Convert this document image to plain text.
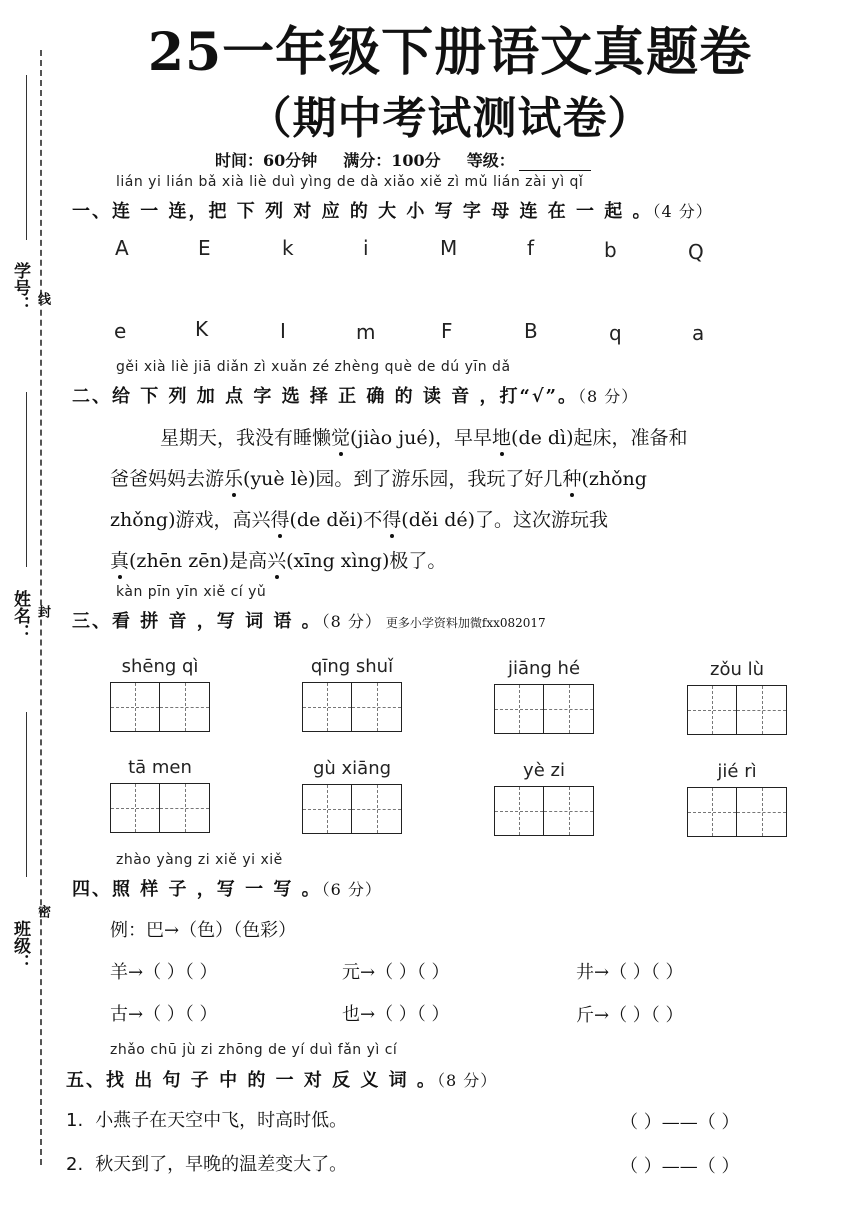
学号： 线
姓名： 封
班级：
密
25一年级下册语文真题卷
（期中考试测试卷）
时间：60分钟 满分：100分 等级：
lián yi lián bǎ xià liè duì yìng de dà xiǎo xiě zì mǔ lián zài yì qǐ
一、连 一 连，把 下 列 对 应 的 大 小 写 字 母 连 在 一 起 。（4 分）
A	E	k	i	M	f	b	Q
e	K	I	m	F	B	q	a
gěi xià liè jiā diǎn zì xuǎn zé zhèng què de dú yīn dǎ
二、给 下 列 加 点 字 选 择 正 确 的 读 音 ，打“√”。（8 分）
星期天，我没有睡懒觉(jiào jué)，早早地(de dì)起床，准备和
爸爸妈妈去游乐(yuè lè)园。到了游乐园，我玩了好几种(zhǒng
zhǒng)游戏，高兴得(de děi)不得(děi dé)了。这次游玩我
真(zhēn zēn)是高兴(xīng xìng)极了。
kàn pīn yīn xiě cí yǔ
三、看 拼 音 ，写 词 语 。（8 分） 更多小学资料加微fxx082017
shēng qì	qīng shuǐ	jiāng hé	zǒu lù
tā men	gù xiāng	yè zi	jié rì
zhào yàng zi xiě yi xiě
四、照 样 子 ，写 一 写 。（6 分）
例：巴→（色）（色彩）
羊→（ ）（ ）	元→（ ）（ ）	井→（ ）（ ）
古→（ ）（ ）	也→（ ）（ ）	斤→（ ）（ ）
zhǎo chū jù zi zhōng de yí duì fǎn yì cí
五、找 出 句 子 中 的 一 对 反 义 词 。（8 分）
1. 小燕子在天空中飞，时高时低。	（ ）——（ ）
2. 秋天到了，早晚的温差变大了。	（ ）——（ ）
